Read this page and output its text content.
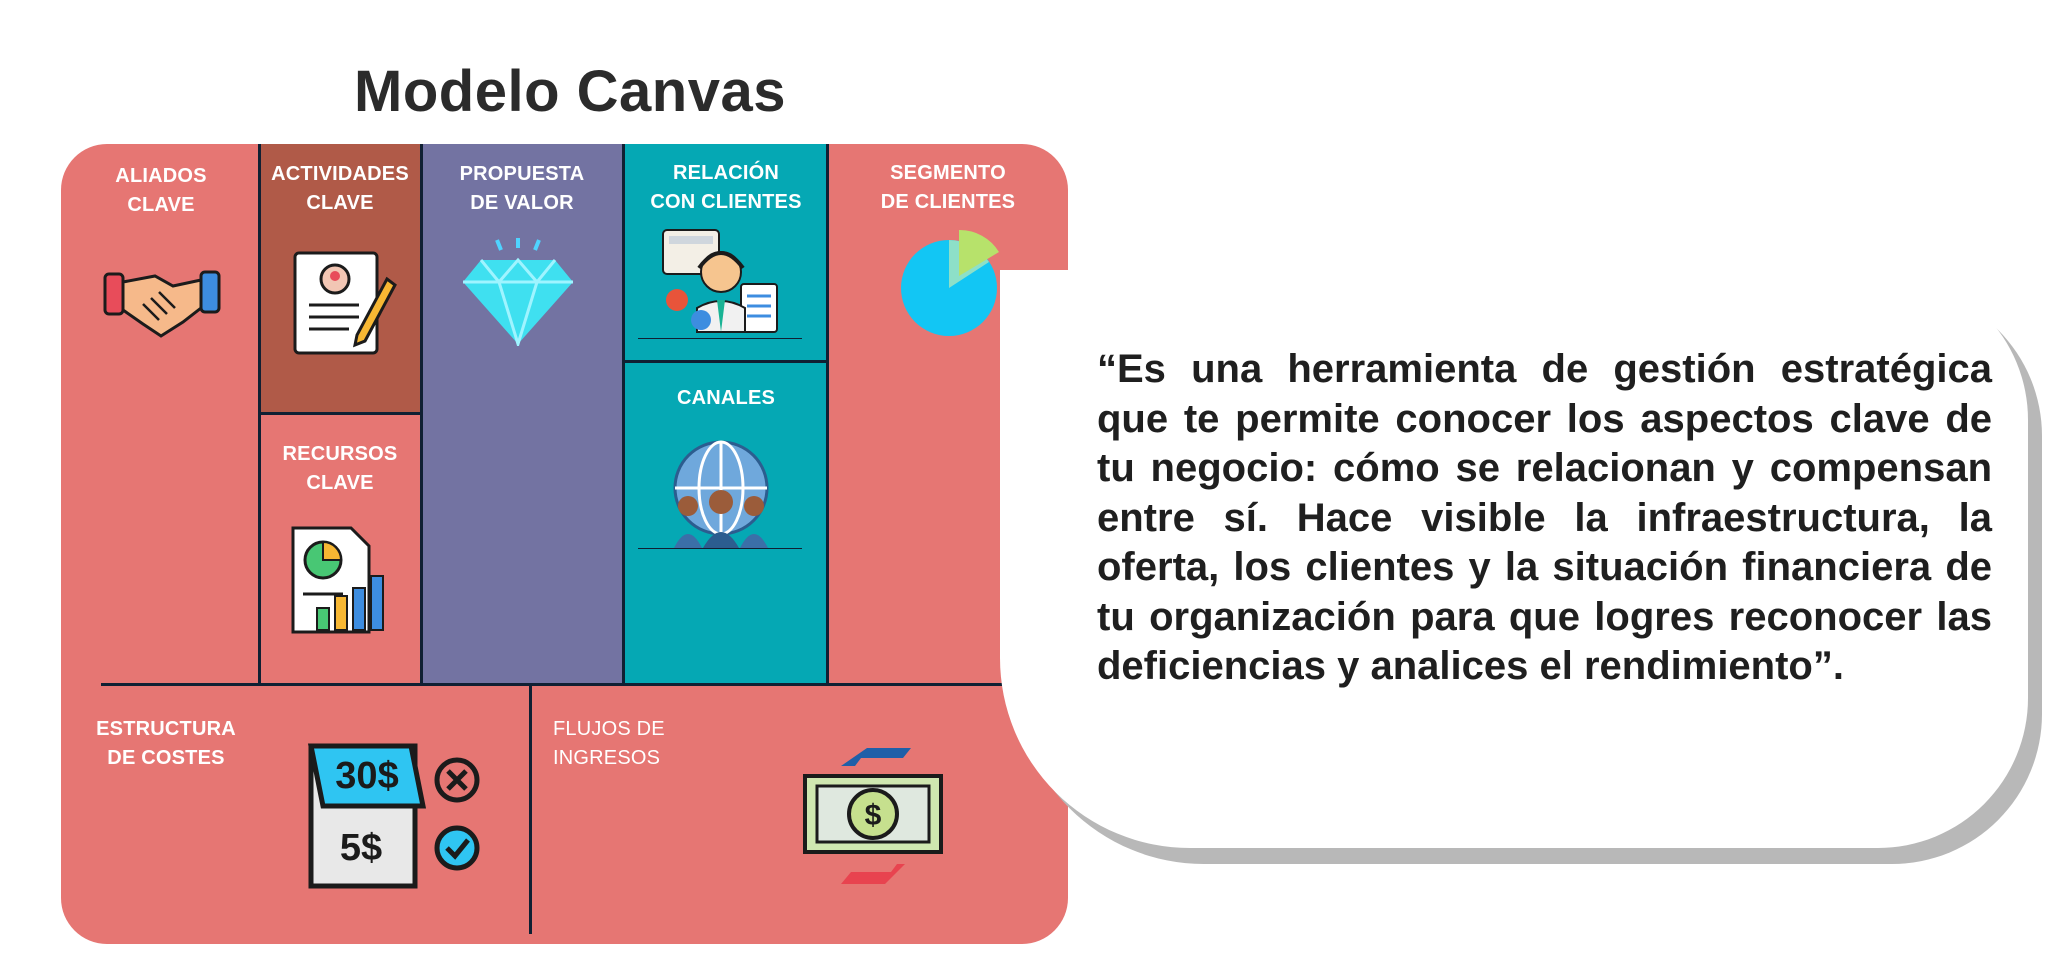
Modelo Canvas
ALIADOS
CLAVE
ACTIVIDADES
CLAVE
RECURSOS
CLAVE
PROPUESTA
DE VALOR
RELACIÓN
CON CLIENTES
CANALES
SEGMENTO
DE CLIENTES
ESTRUCTURA
DE COSTES
FLUJOS DE
INGRESOS
30$
5$
$

“Es una herramienta de gestión estratégica que te permite conocer los aspectos clave de tu negocio: cómo se relacionan y compensan entre sí. Hace visible la infraestructura, la oferta, los clientes y la situación financiera de tu organización para que logres reconocer las deficiencias y analices el rendimiento”.
